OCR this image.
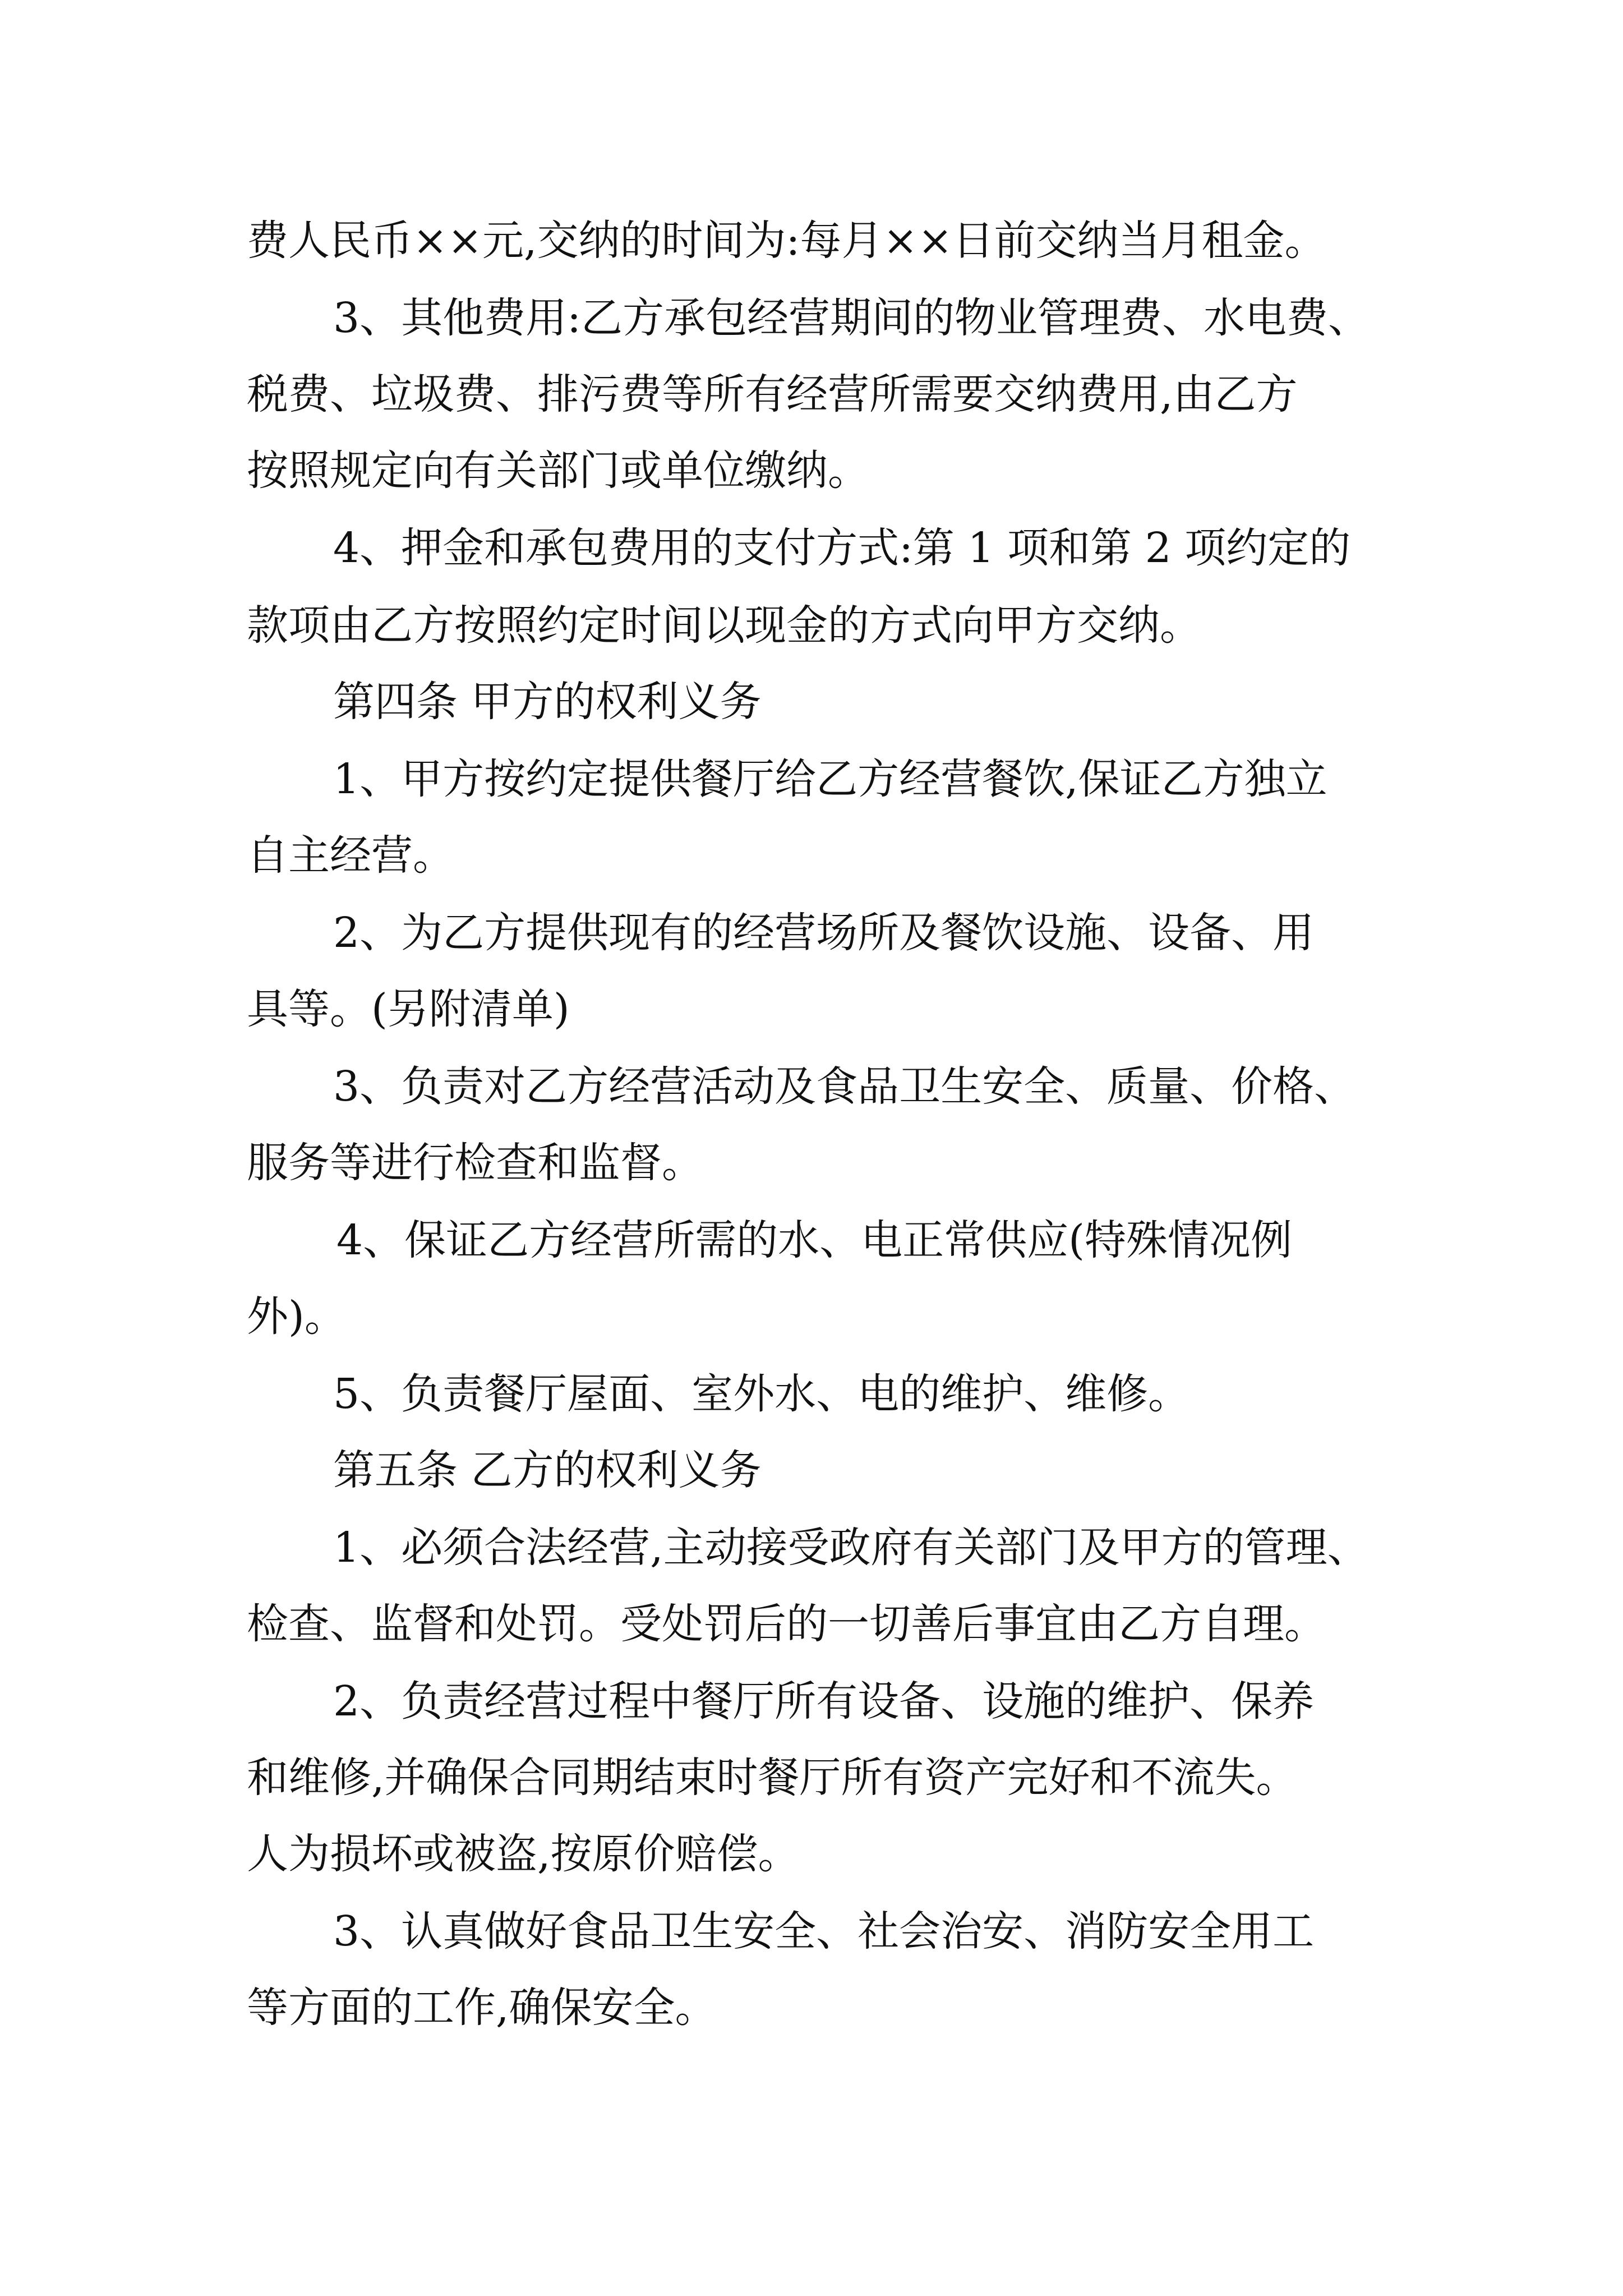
费人民币××元,交纳的时间为:每月××日前交纳当月租金。
3、其他费用:乙方承包经营期间的物业管理费、水电费、
税费、垃圾费、排污费等所有经营所需要交纳费用,由乙方
按照规定向有关部门或单位缴纳。
4、押金和承包费用的支付方式:第 1 项和第 2 项约定的
款项由乙方按照约定时间以现金的方式向甲方交纳。
第四条 甲方的权利义务
1、甲方按约定提供餐厅给乙方经营餐饮,保证乙方独立
自主经营。
2、为乙方提供现有的经营场所及餐饮设施、设备、用
具等。(另附清单)
3、负责对乙方经营活动及食品卫生安全、质量、价格、
服务等进行检查和监督。
4、保证乙方经营所需的水、电正常供应(特殊情况例
外)。
5、负责餐厅屋面、室外水、电的维护、维修。
第五条 乙方的权利义务
1、必须合法经营,主动接受政府有关部门及甲方的管理、
检查、监督和处罚。受处罚后的一切善后事宜由乙方自理。
2、负责经营过程中餐厅所有设备、设施的维护、保养
和维修,并确保合同期结束时餐厅所有资产完好和不流失。
人为损坏或被盗,按原价赔偿。
3、认真做好食品卫生安全、社会治安、消防安全用工
等方面的工作,确保安全。
